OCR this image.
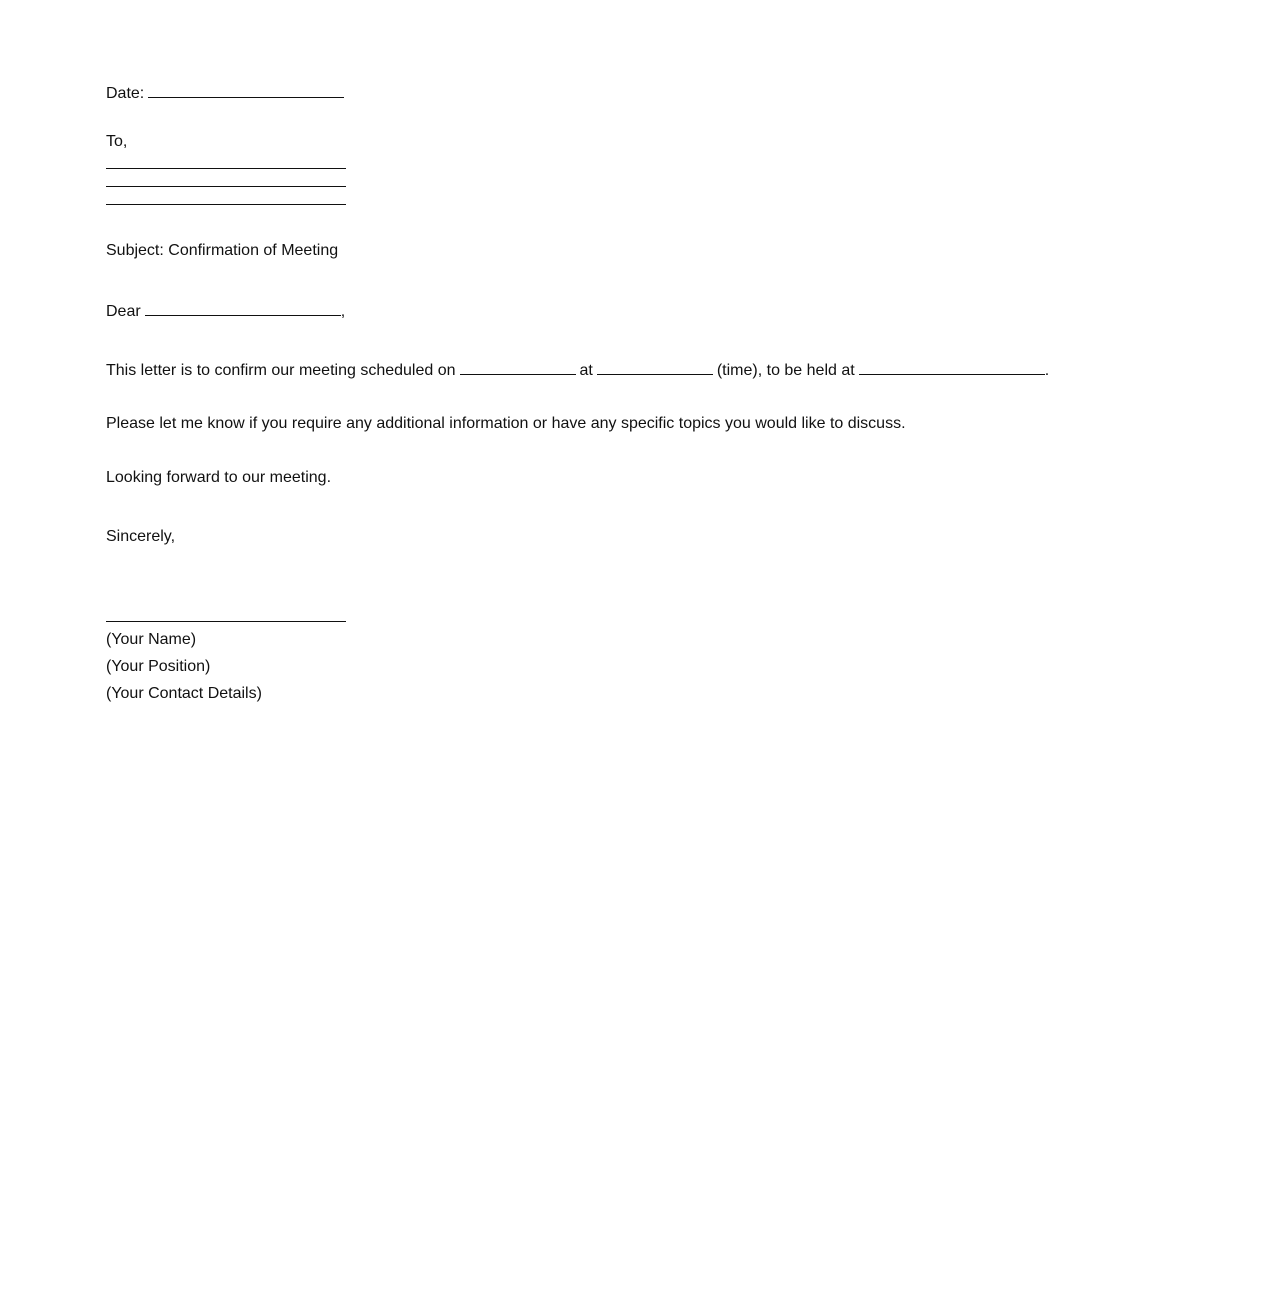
Date:
To,
Subject: Confirmation of Meeting
Dear	,
This letter is to confirm our meeting scheduled on	at	(time), to be held at	.
Please let me know if you require any additional information or have any specific topics you would like to discuss.
Looking forward to our meeting.
Sincerely,
(Your Name)
(Your Position)
(Your Contact Details)
